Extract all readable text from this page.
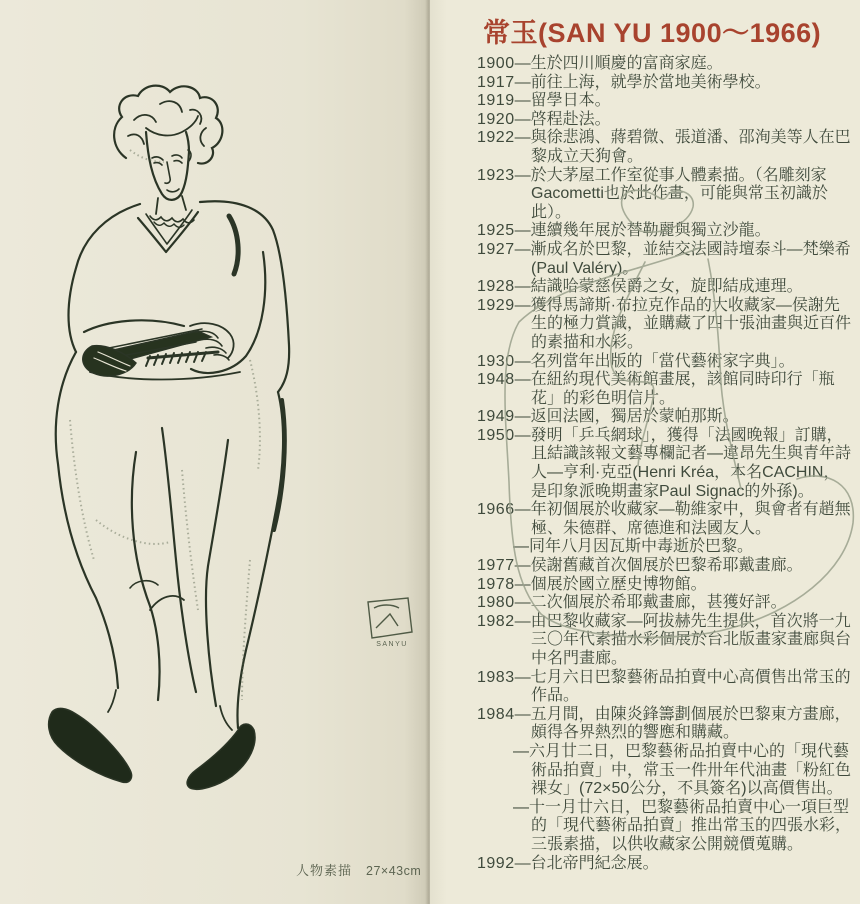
SANYU
人物素描 27×43cm
常玉(SAN YU 1900～1966)
1900—生於四川順慶的富商家庭。
1917—前往上海，就學於當地美術學校。
1919—留學日本。
1920—啓程赴法。
1922—與徐悲鴻、蔣碧微、張道潘、邵洵美等人在巴黎成立天狗會。
1923—於大茅屋工作室從事人體素描。（名雕刻家Gacometti也於此作畫，可能與常玉初識於此）。
1925—連續幾年展於替勒麗與獨立沙龍。
1927—漸成名於巴黎，並結交法國詩壇泰斗—梵樂希(Paul Valéry)。
1928—結識哈蒙慈侯爵之女，旋即結成連理。
1929—獲得馬諦斯·布拉克作品的大收藏家—侯謝先生的極力賞識，並購藏了四十張油畫與近百件的素描和水彩。
1930—名列當年出版的「當代藝術家字典」。
1948—在紐約現代美術館畫展，該館同時印行「瓶花」的彩色明信片。
1949—返回法國，獨居於蒙帕那斯。
1950—發明「乒乓網球」，獲得「法國晚報」訂購，且結識該報文藝專欄記者—違昂先生與青年詩人—亨利·克亞(Henri Kréa，本名CACHIN，是印象派晚期畫家Paul Signac的外孫)。
1966—年初個展於收藏家—勒維家中，與會者有趙無極、朱德群、席德進和法國友人。
—同年八月因瓦斯中毒逝於巴黎。
1977—侯謝舊藏首次個展於巴黎希耶戴畫廊。
1978—個展於國立歷史博物館。
1980—二次個展於希耶戴畫廊，甚獲好評。
1982—由巴黎收藏家—阿拔赫先生提供，首次將一九三〇年代素描水彩個展於台北版畫家畫廊與台中名門畫廊。
1983—七月六日巴黎藝術品拍賣中心高價售出常玉的作品。
1984—五月間，由陳炎鋒籌劃個展於巴黎東方畫廊，頗得各界熱烈的響應和購藏。
—六月廿二日，巴黎藝術品拍賣中心的「現代藝術品拍賣」中，常玉一件卅年代油畫「粉紅色裸女」(72×50公分，不具簽名)以高價售出。
—十一月廿六日，巴黎藝術品拍賣中心一項巨型的「現代藝術品拍賣」推出常玉的四張水彩，三張素描，以供收藏家公開競價蒐購。
1992—台北帝門紀念展。
